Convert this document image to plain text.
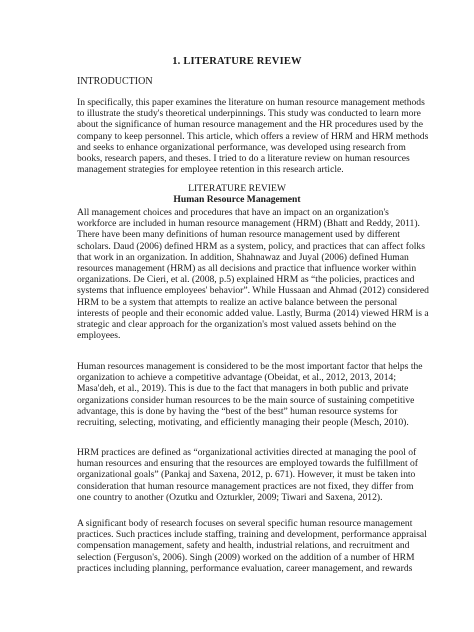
1. LITERATURE REVIEW
INTRODUCTION
In specifically, this paper examines the literature on human resource management methods
to illustrate the study's theoretical underpinnings. This study was conducted to learn more
about the significance of human resource management and the HR procedures used by the
company to keep personnel. This article, which offers a review of HRM and HRM methods
and seeks to enhance organizational performance, was developed using research from
books, research papers, and theses. I tried to do a literature review on human resources
management strategies for employee retention in this research article.
LITERATURE REVIEW
Human Resource Management
All management choices and procedures that have an impact on an organization's
workforce are included in human resource management (HRM) (Bhatt and Reddy, 2011).
There have been many definitions of human resource management used by different
scholars. Daud (2006) defined HRM as a system, policy, and practices that can affect folks
that work in an organization. In addition, Shahnawaz and Juyal (2006) defined Human
resources management (HRM) as all decisions and practice that influence worker within
organizations. De Cieri, et al. (2008, p.5) explained HRM as “the policies, practices and
systems that influence employees' behavior”. While Hussaan and Ahmad (2012) considered
HRM to be a system that attempts to realize an active balance between the personal
interests of people and their economic added value. Lastly, Burma (2014) viewed HRM is a
strategic and clear approach for the organization's most valued assets behind on the
employees.
Human resources management is considered to be the most important factor that helps the
organization to achieve a competitive advantage (Obeidat, et al., 2012, 2013, 2014;
Masa'deh, et al., 2019). This is due to the fact that managers in both public and private
organizations consider human resources to be the main source of sustaining competitive
advantage, this is done by having the “best of the best” human resource systems for
recruiting, selecting, motivating, and efficiently managing their people (Mesch, 2010).
HRM practices are defined as “organizational activities directed at managing the pool of
human resources and ensuring that the resources are employed towards the fulfillment of
organizational goals” (Pankaj and Saxena, 2012, p. 671). However, it must be taken into
consideration that human resource management practices are not fixed, they differ from
one country to another (Ozutku and Ozturkler, 2009; Tiwari and Saxena, 2012).
A significant body of research focuses on several specific human resource management
practices. Such practices include staffing, training and development, performance appraisal
compensation management, safety and health, industrial relations, and recruitment and
selection (Ferguson's, 2006). Singh (2009) worked on the addition of a number of HRM
practices including planning, performance evaluation, career management, and rewards
